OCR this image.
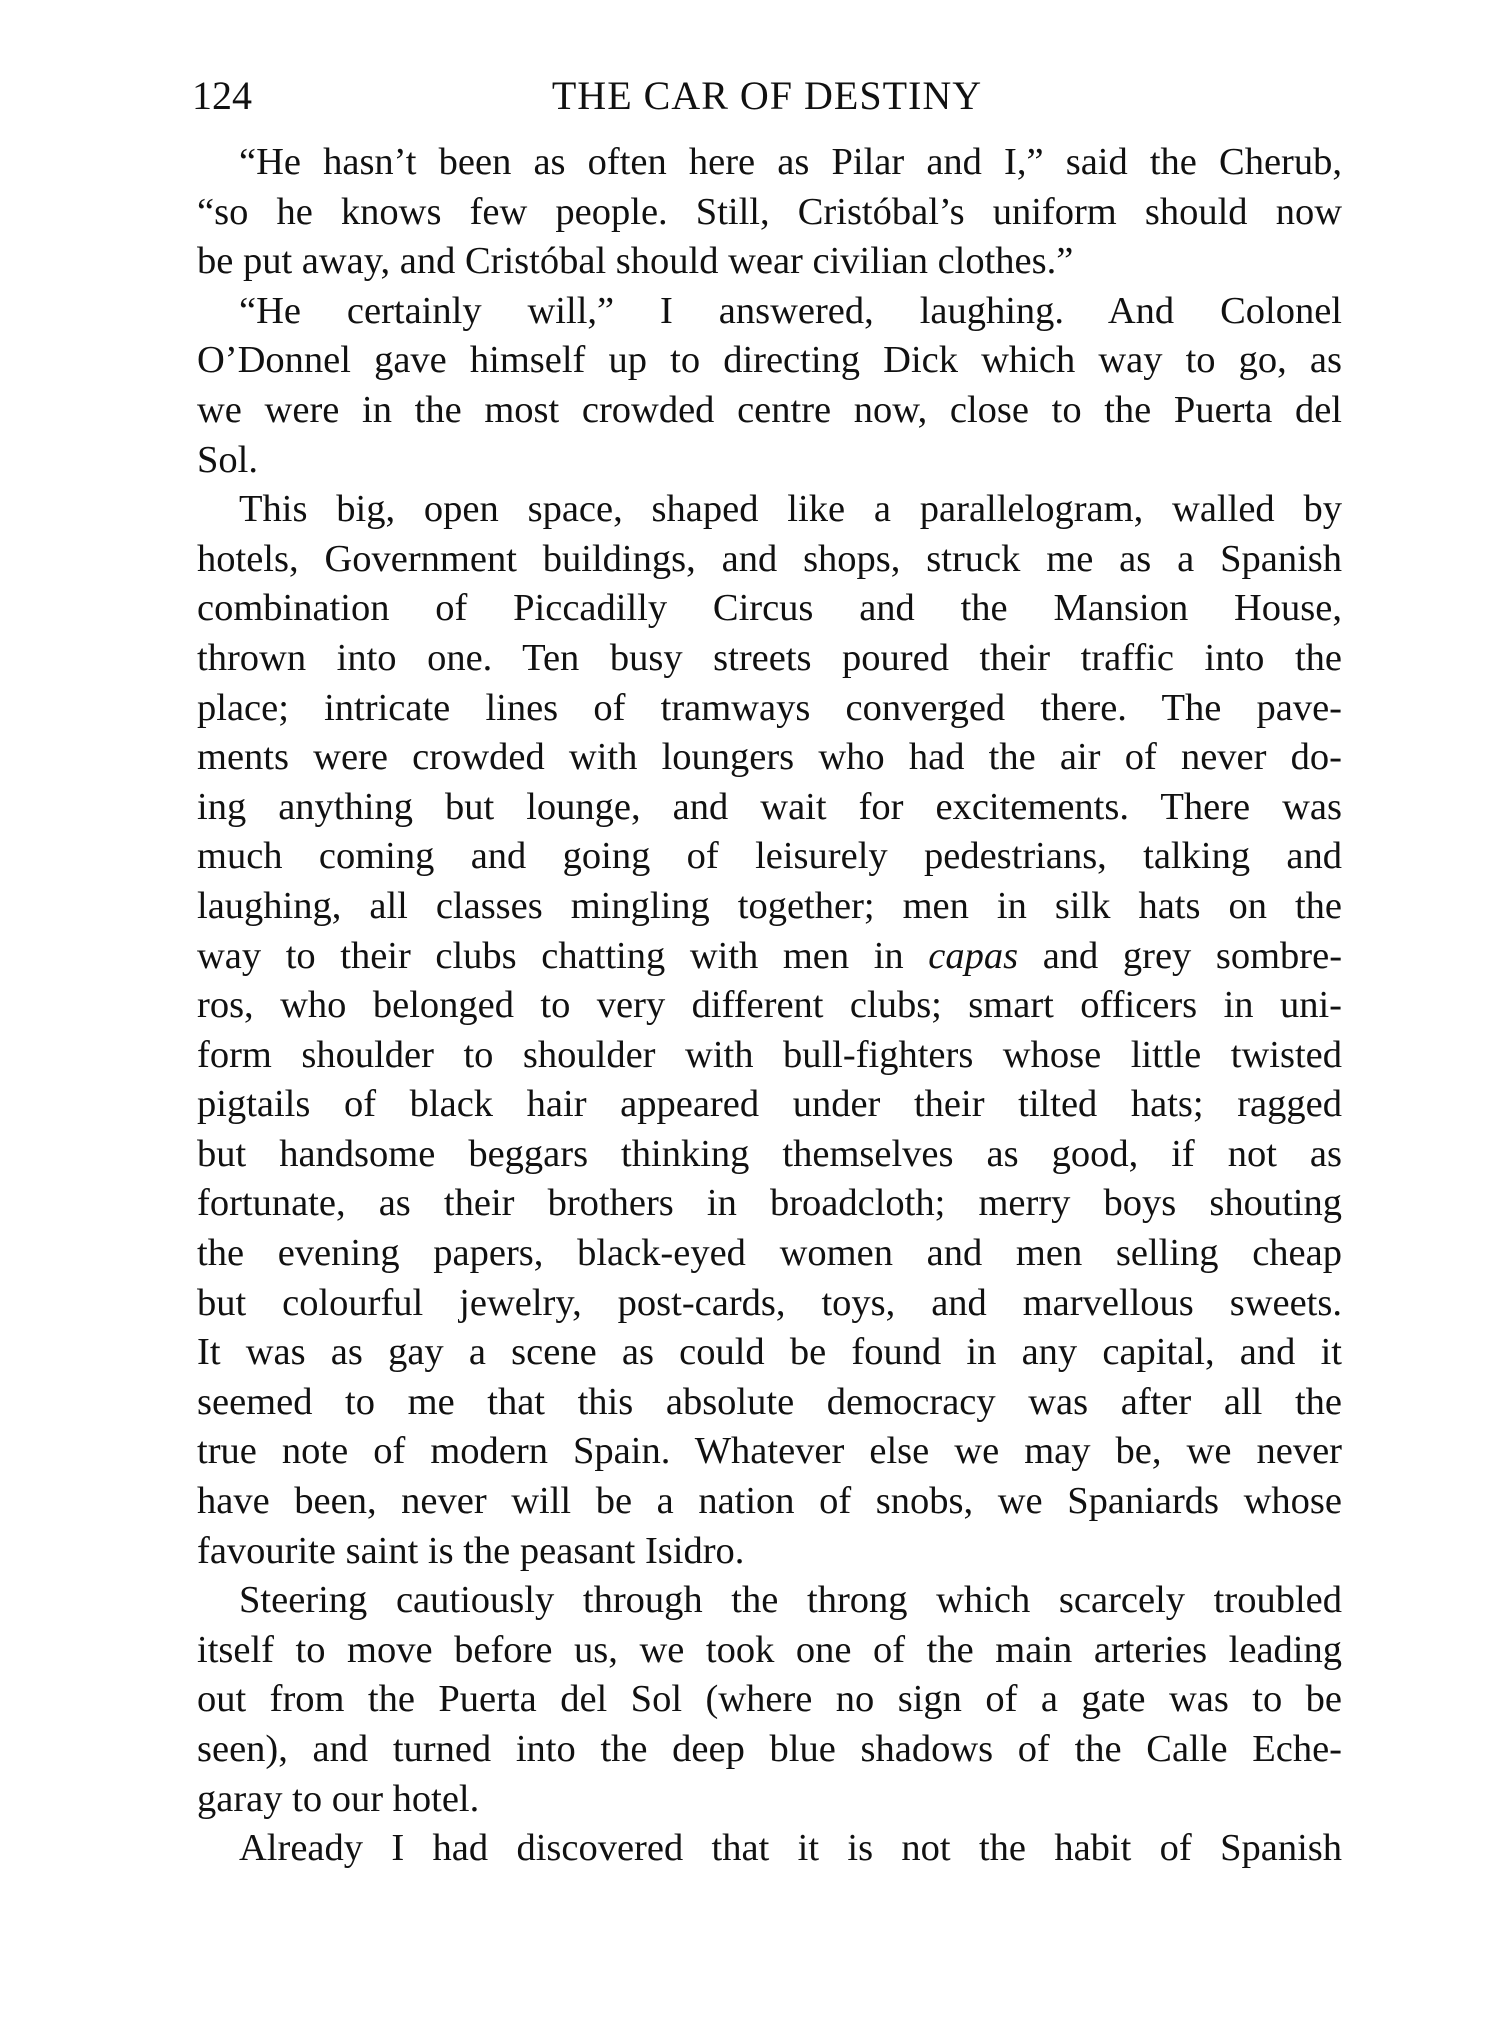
124	THE CAR OF DESTINY

“He hasn’t been as often here as Pilar and I,” said the Cherub,
“so he knows few people. Still, Cristóbal’s uniform should now
be put away, and Cristóbal should wear civilian clothes.”

“He certainly will,” I answered, laughing. And Colonel
O’Donnel gave himself up to directing Dick which way to go, as
we were in the most crowded centre now, close to the Puerta del
Sol.

This big, open space, shaped like a parallelogram, walled by
hotels, Government buildings, and shops, struck me as a Spanish
combination of Piccadilly Circus and the Mansion House,
thrown into one. Ten busy streets poured their traffic into the
place; intricate lines of tramways converged there. The pave-
ments were crowded with loungers who had the air of never do-
ing anything but lounge, and wait for excitements. There was
much coming and going of leisurely pedestrians, talking and
laughing, all classes mingling together; men in silk hats on the
way to their clubs chatting with men in capas and grey sombre-
ros, who belonged to very different clubs; smart officers in uni-
form shoulder to shoulder with bull-fighters whose little twisted
pigtails of black hair appeared under their tilted hats; ragged
but handsome beggars thinking themselves as good, if not as
fortunate, as their brothers in broadcloth; merry boys shouting
the evening papers, black-eyed women and men selling cheap
but colourful jewelry, post-cards, toys, and marvellous sweets.
It was as gay a scene as could be found in any capital, and it
seemed to me that this absolute democracy was after all the
true note of modern Spain. Whatever else we may be, we never
have been, never will be a nation of snobs, we Spaniards whose
favourite saint is the peasant Isidro.

Steering cautiously through the throng which scarcely troubled
itself to move before us, we took one of the main arteries leading
out from the Puerta del Sol (where no sign of a gate was to be
seen), and turned into the deep blue shadows of the Calle Eche-
garay to our hotel.

Already I had discovered that it is not the habit of Spanish
